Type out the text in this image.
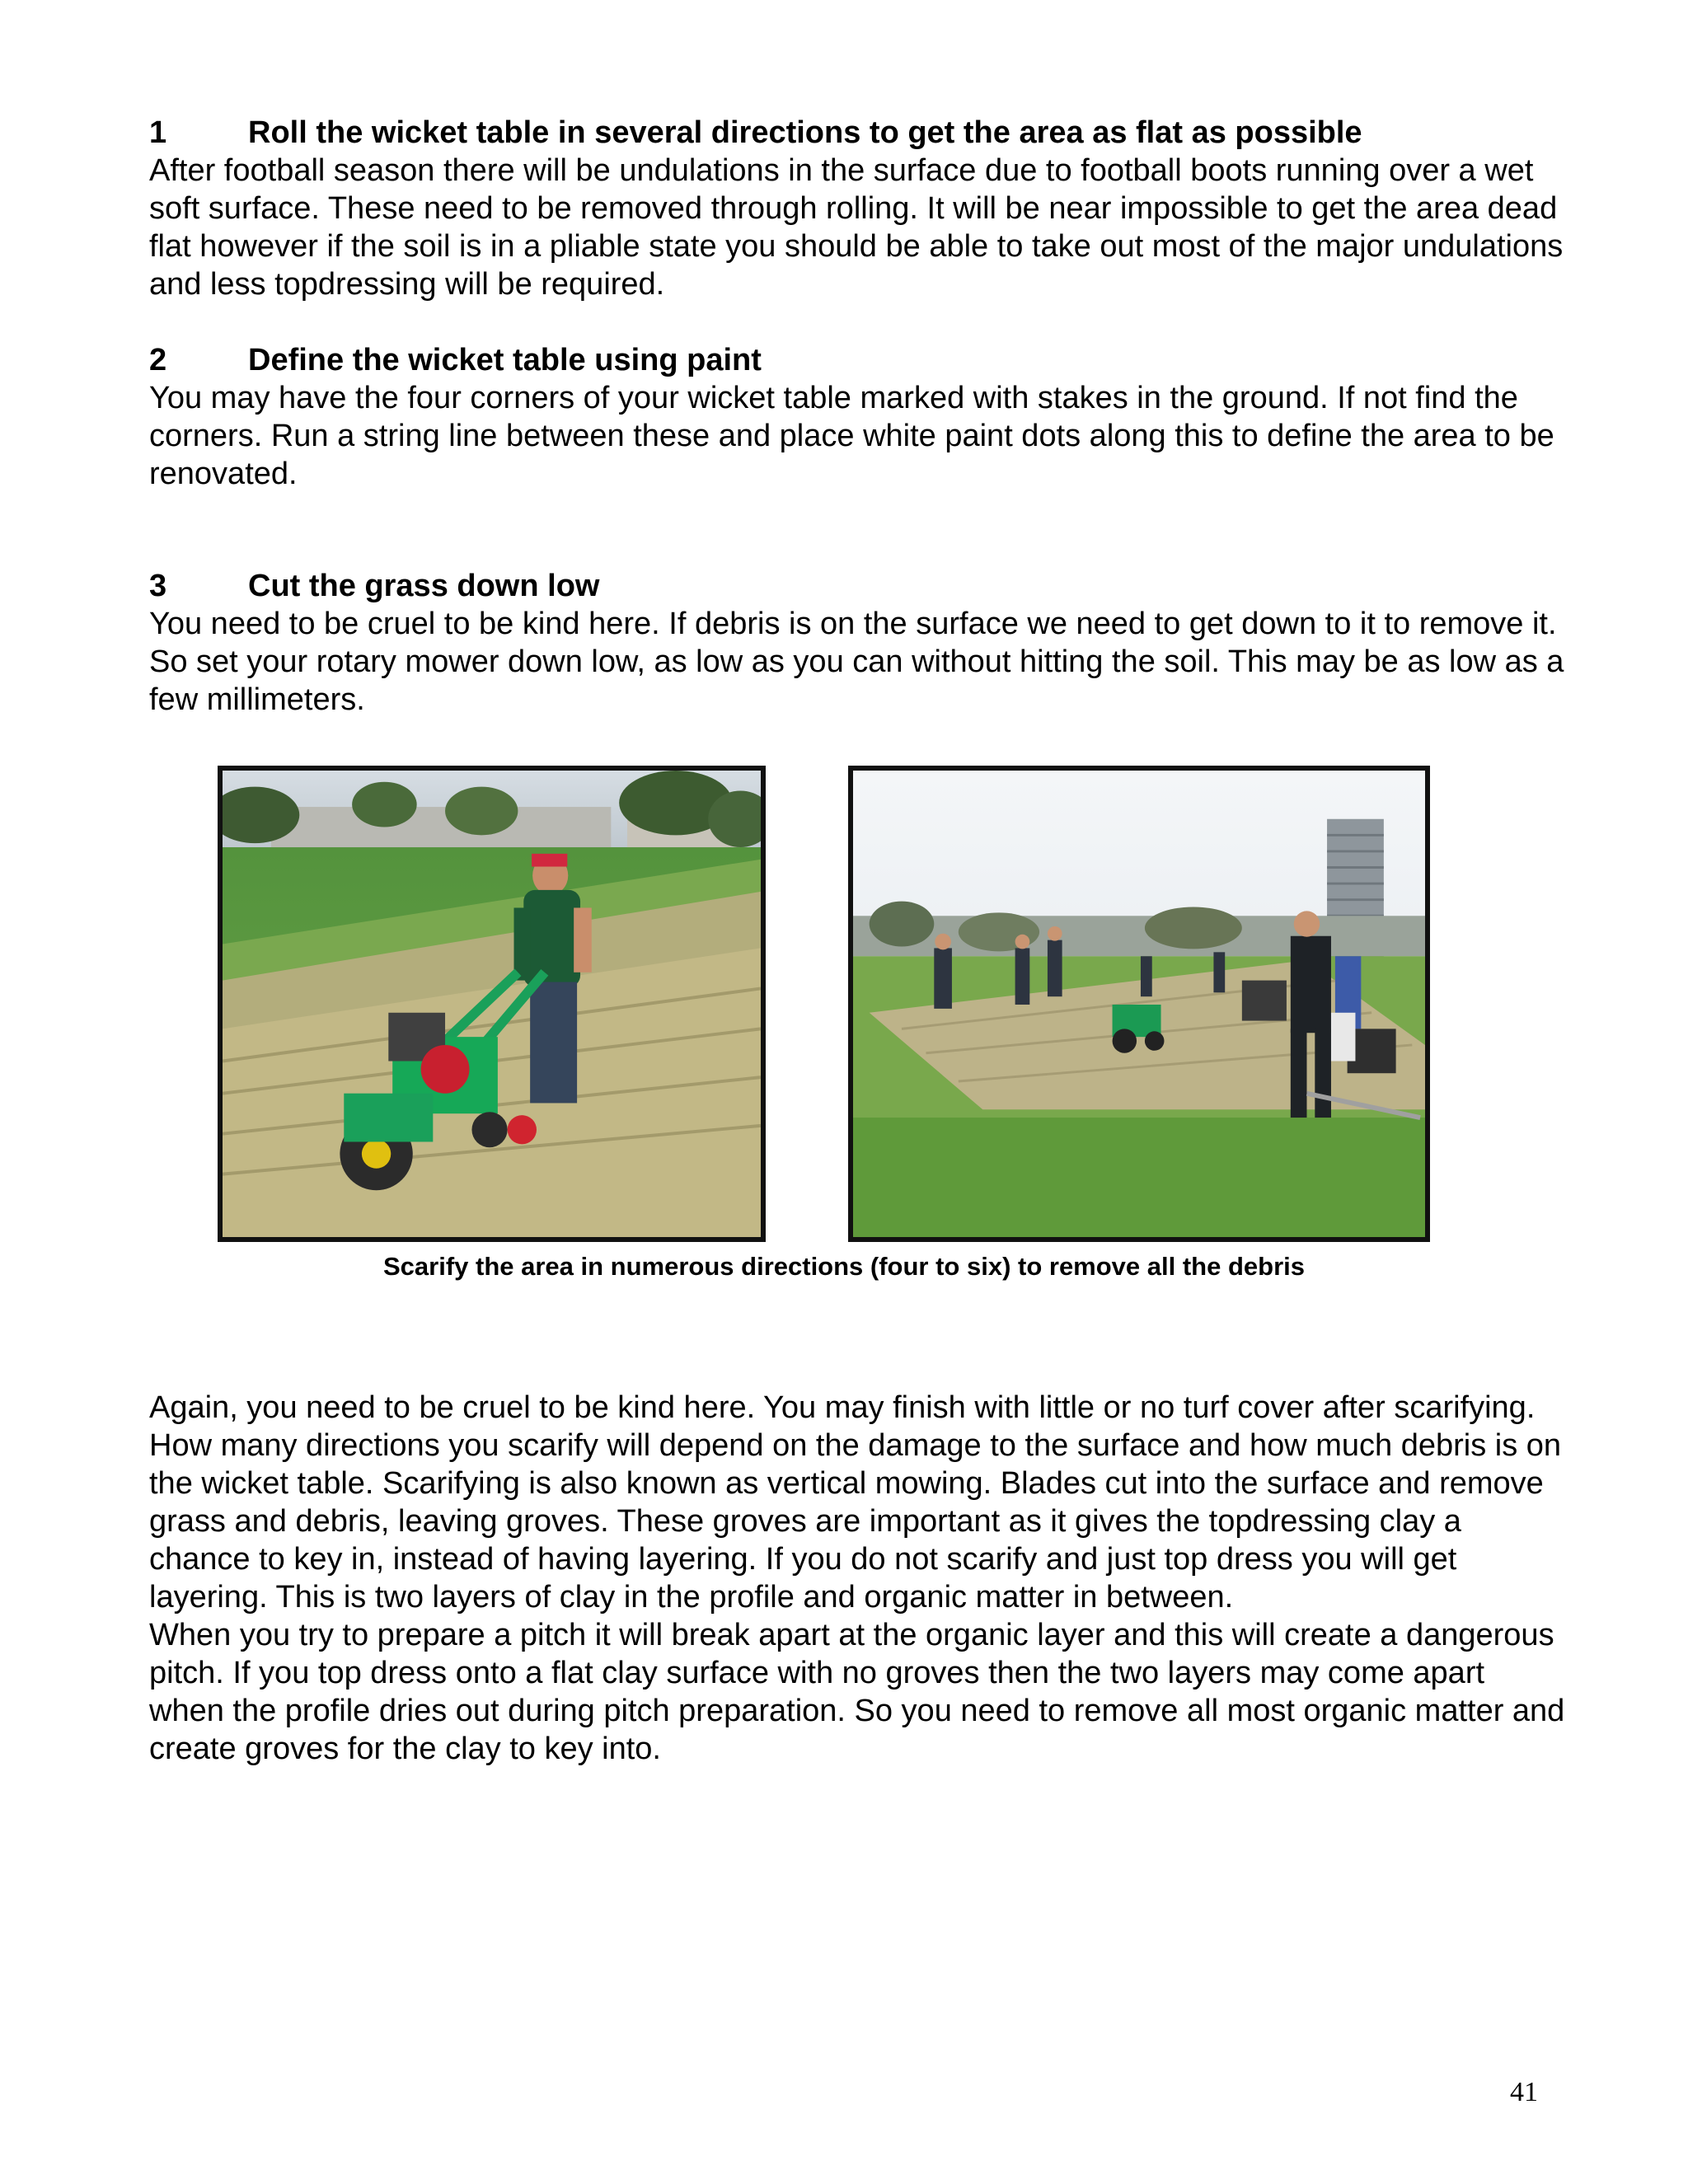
1	Roll the wicket table in several directions to get the area as flat as possible

After football season there will be undulations in the surface due to football boots running over a wet soft surface. These need to be removed through rolling. It will be near impossible to get the area dead flat however if the soil is in a pliable state you should be able to take out most of the major undulations and less topdressing will be required.

2	Define the wicket table using paint

You may have the four corners of your wicket table marked with stakes in the ground. If not find the corners. Run a string line between these and place white paint dots along this to define the area to be renovated.

3	Cut the grass down low

You need to be cruel to be kind here. If debris is on the surface we need to get down to it to remove it. So set your rotary mower down low, as low as you can without hitting the soil. This may be as low as a few millimeters.

Scarify the area in numerous directions (four to six) to remove all the debris

Again, you need to be cruel to be kind here. You may finish with little or no turf cover after scarifying. How many directions you scarify will depend on the damage to the surface and how much debris is on the wicket table. Scarifying is also known as vertical mowing. Blades cut into the surface and remove grass and debris, leaving groves. These groves are important as it gives the topdressing clay a chance to key in, instead of having layering. If you do not scarify and just top dress you will get layering. This is two layers of clay in the profile and organic matter in between.

When you try to prepare a pitch it will break apart at the organic layer and this will create a dangerous pitch. If you top dress onto a flat clay surface with no groves then the two layers may come apart when the profile dries out during pitch preparation. So you need to remove all most organic matter and create groves for the clay to key into.

41
